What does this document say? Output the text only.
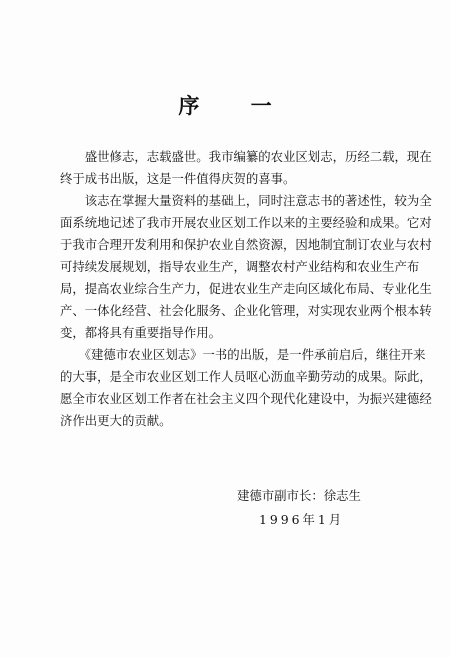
序 一
　　盛世修志，志载盛世。我市编纂的农业区划志，历经二载，现在
终于成书出版，这是一件值得庆贺的喜事。
　　该志在掌握大量资料的基础上，同时注意志书的著述性，较为全
面系统地记述了我市开展农业区划工作以来的主要经验和成果。它对
于我市合理开发利用和保护农业自然资源，因地制宜制订农业与农村
可持续发展规划，指导农业生产，调整农村产业结构和农业生产布
局，提高农业综合生产力，促进农业生产走向区域化布局、专业化生
产、一体化经营、社会化服务、企业化管理，对实现农业两个根本转
变，都将具有重要指导作用。
　　《建德市农业区划志》一书的出版，是一件承前启后，继往开来
的大事，是全市农业区划工作人员呕心沥血辛勤劳动的成果。际此，
愿全市农业区划工作者在社会主义四个现代化建设中，为振兴建德经
济作出更大的贡献。
建德市副市长：徐志生
1996年1月
